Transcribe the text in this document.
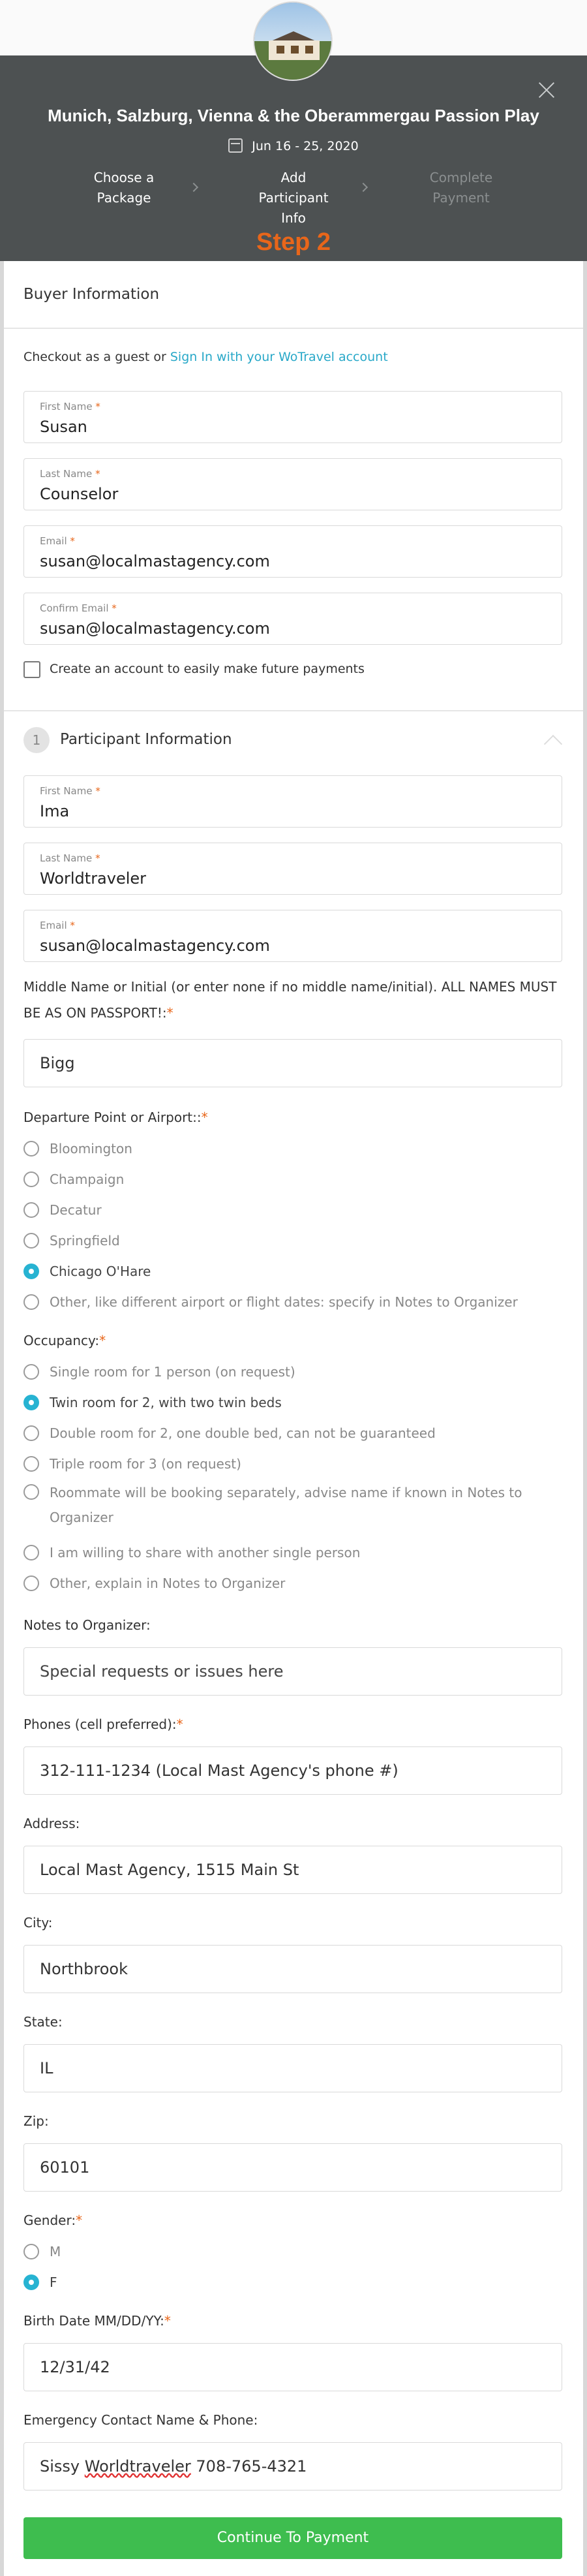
Munich, Salzburg, Vienna & the Oberammergau Passion Play
Jun 16 - 25, 2020
Choose a
Package
Add
Participant
Info
Complete
Payment
Step 2
Buyer Information
Checkout as a guest or Sign In with your WoTravel account
First Name *
Susan
Last Name *
Counselor
Email *
susan@localmastagency.com
Confirm Email *
susan@localmastagency.com
Create an account to easily make future payments
1	Participant Information
First Name *
Ima
Last Name *
Worldtraveler
Email *
susan@localmastagency.com
Middle Name or Initial (or enter none if no middle name/initial). ALL NAMES MUST BE AS ON PASSPORT!:*
Bigg
Departure Point or Airport::*
Bloomington
Champaign
Decatur
Springfield
Chicago O'Hare
Other, like different airport or flight dates: specify in Notes to Organizer
Occupancy:*
Single room for 1 person (on request)
Twin room for 2, with two twin beds
Double room for 2, one double bed, can not be guaranteed
Triple room for 3 (on request)
Roommate will be booking separately, advise name if known in Notes to Organizer
I am willing to share with another single person
Other, explain in Notes to Organizer
Notes to Organizer:
Special requests or issues here
Phones (cell preferred):*
312-111-1234 (Local Mast Agency's phone #)
Address:
Local Mast Agency, 1515 Main St
City:
Northbrook
State:
IL
Zip:
60101
Gender:*
M
F
Birth Date MM/DD/YY:*
12/31/42
Emergency Contact Name & Phone:
Sissy Worldtraveler 708-765-4321
Continue To Payment
